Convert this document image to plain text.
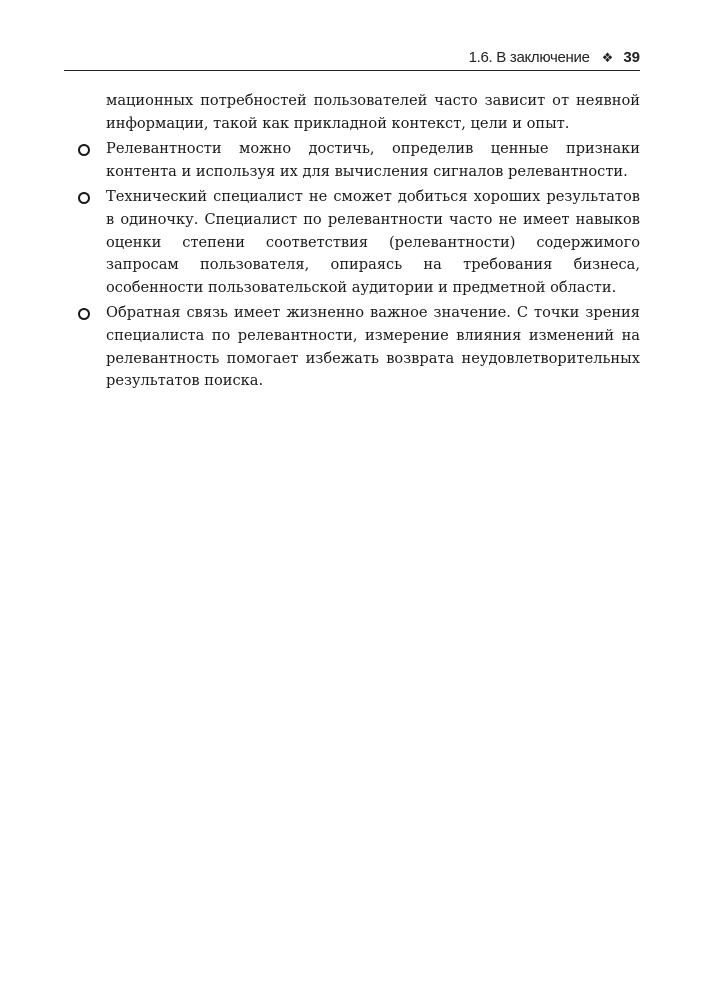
1.6. В заключение ❖ 39

мационных потребностей пользователей часто зависит от неявной информации, такой как прикладной контекст, цели и опыт.

Релевантности можно достичь, определив ценные признаки контента и используя их для вычисления сигналов релевантности.
Технический специалист не сможет добиться хороших результатов в одиночку. Специалист по релевантности часто не имеет навыков оценки степени соответствия (релевантности) содержимого запросам пользователя, опираясь на требования бизнеса, особенности пользовательской аудитории и предметной области.
Обратная связь имеет жизненно важное значение. С точки зрения специалиста по релевантности, измерение влияния изменений на релевантность помогает избежать возврата неудовлетворительных результатов поиска.
